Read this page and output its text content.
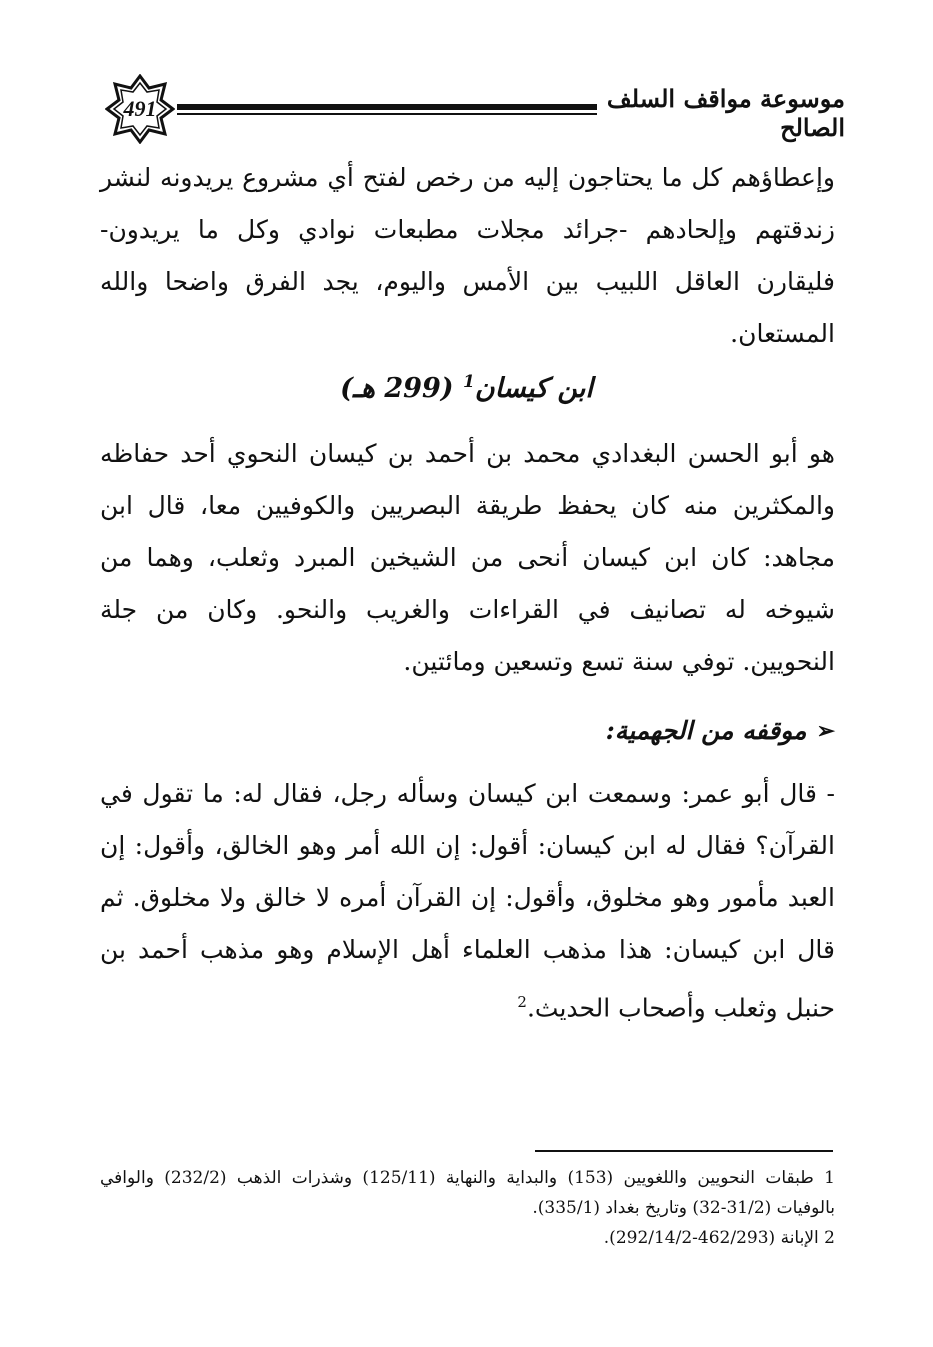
491	موسوعة مواقف السلف الصالح
وإعطاؤهم كل ما يحتاجون إليه من رخص لفتح أي مشروع يريدونه لنشر زندقتهم وإلحادهم -جرائد مجلات مطبعات نوادي وكل ما يريدون- فليقارن العاقل اللبيب بين الأمس واليوم، يجد الفرق واضحا والله المستعان.
ابن كيسان$^1$ (299 هـ)
هو أبو الحسن البغدادي محمد بن أحمد بن كيسان النحوي أحد حفاظه والمكثرين منه كان يحفظ طريقة البصريين والكوفيين معا، قال ابن مجاهد: كان ابن كيسان أنحى من الشيخين المبرد وثعلب، وهما من شيوخه له تصانيف في القراءات والغريب والنحو. وكان من جلة النحويين. توفي سنة تسع وتسعين ومائتين.
➢
موقفه من الجهمية:
- قال أبو عمر: وسمعت ابن كيسان وسأله رجل، فقال له: ما تقول في القرآن؟ فقال له ابن كيسان: أقول: إن الله أمر وهو الخالق، وأقول: إن العبد مأمور وهو مخلوق، وأقول: إن القرآن أمره لا خالق ولا مخلوق. ثم قال ابن كيسان: هذا مذهب العلماء أهل الإسلام وهو مذهب أحمد بن حنبل وثعلب وأصحاب الحديث.$^2$

1 طبقات النحويين واللغويين (153) والبداية والنهاية (125/11) وشذرات الذهب (232/2) والوافي بالوفيات (31/2-32) وتاريخ بغداد (335/1).

2 الإبانة (462/293-292/14/2).
